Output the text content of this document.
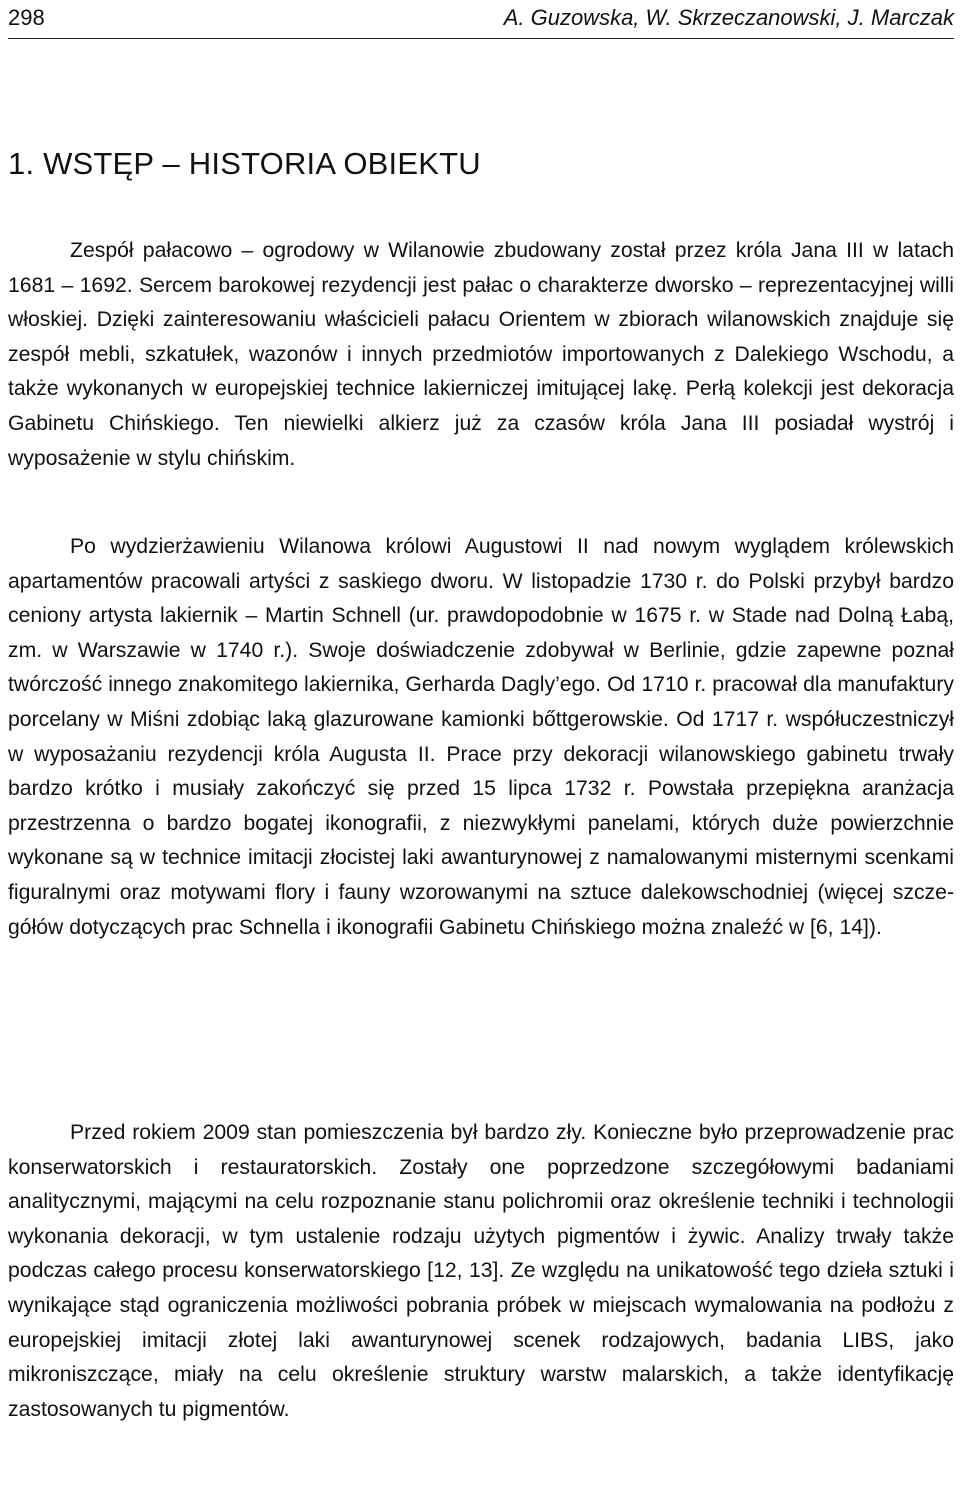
298	A. Guzowska, W. Skrzeczanowski, J. Marczak
1. WSTĘP – HISTORIA OBIEKTU

Zespół pałacowo – ogrodowy w Wilanowie zbudowany został przez króla Jana III w latach 1681 – 1692. Sercem barokowej rezydencji jest pałac o charakterze dworsko – reprezentacyjnej willi włoskiej. Dzięki zainteresowaniu właścicieli pałacu Orientem w zbiorach wilanowskich znajduje się zespół mebli, szkatułek, wazonów i innych przedmiotów importowanych z Dalekiego Wschodu, a także wykonanych w europejskiej technice lakierniczej imitującej lakę. Perłą kolekcji jest dekoracja Gabinetu Chińskiego. Ten niewielki alkierz już za czasów króla Jana III posiadał wystrój i wyposażenie w stylu chińskim.

Po wydzierżawieniu Wilanowa królowi Augustowi II nad nowym wyglądem królewskich apartamentów pracowali artyści z saskiego dworu. W listopadzie 1730 r. do Polski przybył bardzo ceniony artysta lakiernik – Martin Schnell (ur. prawdopodobnie w 1675 r. w Stade nad Dolną Łabą, zm. w Warszawie w 1740 r.). Swoje doświadczenie zdobywał w Berlinie, gdzie zapewne poznał twórczość innego znakomitego lakiernika, Gerharda Dagly’ego. Od 1710 r. pracował dla manufaktury porcelany w Miśni zdobiąc laką glazurowane kamionki bőttgerowskie. Od 1717 r. współuczestniczył w wyposażaniu rezydencji króla Augusta II. Prace przy dekoracji wilanowskiego gabinetu trwały bardzo krótko i musiały zakończyć się przed 15 lipca 1732 r. Powstała przepiękna aranżacja przestrzenna o bardzo bogatej ikonografii, z niezwykłymi panelami, których duże powierzchnie wykonane są w technice imitacji złocistej laki awanturynowej z namalowanymi misternymi scenkami figuralnymi oraz motywami flory i fauny wzorowanymi na sztuce dalekowschodniej (więcej szczegółów dotyczących prac Schnella i ikonografii Gabinetu Chińskiego można znaleźć w [6, 14]).

Przed rokiem 2009 stan pomieszczenia był bardzo zły. Konieczne było przeprowadzenie prac konserwatorskich i restauratorskich. Zostały one poprzedzone szczegółowymi badaniami analitycznymi, mającymi na celu rozpoznanie stanu polichromii oraz określenie techniki i technologii wykonania dekoracji, w tym ustalenie rodzaju użytych pigmentów i żywic. Analizy trwały także podczas całego procesu konserwatorskiego [12, 13]. Ze względu na unikatowość tego dzieła sztuki i wynikające stąd ograniczenia możliwości pobrania próbek w miejscach wymalowania na podłożu z europejskiej imitacji złotej laki awanturynowej scenek rodzajowych, badania LIBS, jako mikroniszczące, miały na celu określenie struktury warstw malarskich, a także identyfikację zastosowanych tu pigmentów.
